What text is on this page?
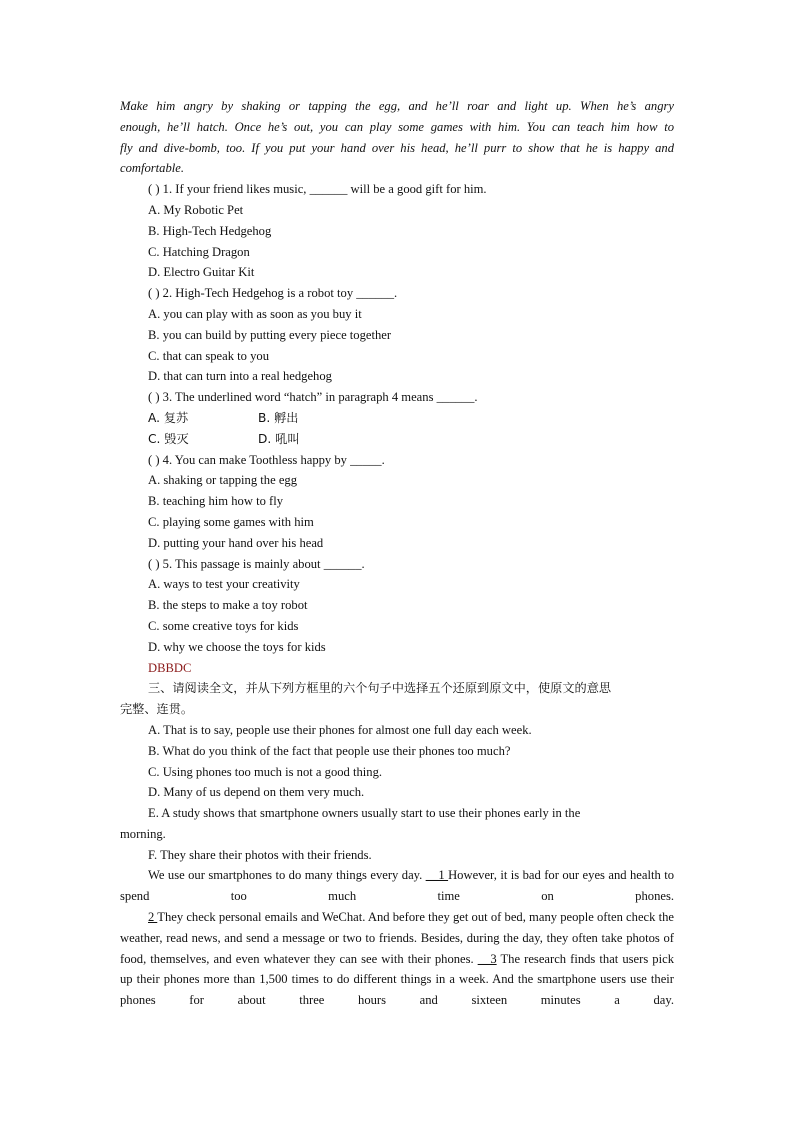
Make him angry by shaking or tapping the egg, and he’ll roar and light up. When he’s angry
enough, he’ll hatch. Once he’s out, you can play some games with him. You can teach him how to
fly and dive-bomb, too. If you put your hand over his head, he’ll purr to show that he is happy and
comfortable.
( ) 1. If your friend likes music, ______ will be a good gift for him.
A. My Robotic Pet
B. High-Tech Hedgehog
C. Hatching Dragon
D. Electro Guitar Kit
( ) 2. High-Tech Hedgehog is a robot toy ______.
A. you can play with as soon as you buy it
B. you can build by putting every piece together
C. that can speak to you
D. that can turn into a real hedgehog
( ) 3. The underlined word “hatch” in paragraph 4 means ______.
A. 复苏	B. 孵出
C. 毁灭	D. 吼叫
( ) 4. You can make Toothless happy by _____.
A. shaking or tapping the egg
B. teaching him how to fly
C. playing some games with him
D. putting your hand over his head
( ) 5. This passage is mainly about ______.
A. ways to test your creativity
B. the steps to make a toy robot
C. some creative toys for kids
D. why we choose the toys for kids
DBBDC
三、请阅读全文，并从下列方框里的六个句子中选择五个还原到原文中，使原文的意思
完整、连贯。
A. That is to say, people use their phones for almost one full day each week.
B. What do you think of the fact that people use their phones too much?
C. Using phones too much is not a good thing.
D. Many of us depend on them very much.
E. A study shows that smartphone owners usually start to use their phones early in the
morning.
F. They share their photos with their friends.
We use our smartphones to do many things every day. __1 However, it is bad for our eyes and health to spend too much time on phones.
2 They check personal emails and WeChat. And before they get out of bed, many people often check the weather, read news, and send a message or two to friends. Besides, during the day, they often take photos of food, themselves, and even whatever they can see with their phones. __3 The research finds that users pick up their phones more than 1,500 times to do different things in a week. And the smartphone users use their phones for about three hours and sixteen minutes a day.
